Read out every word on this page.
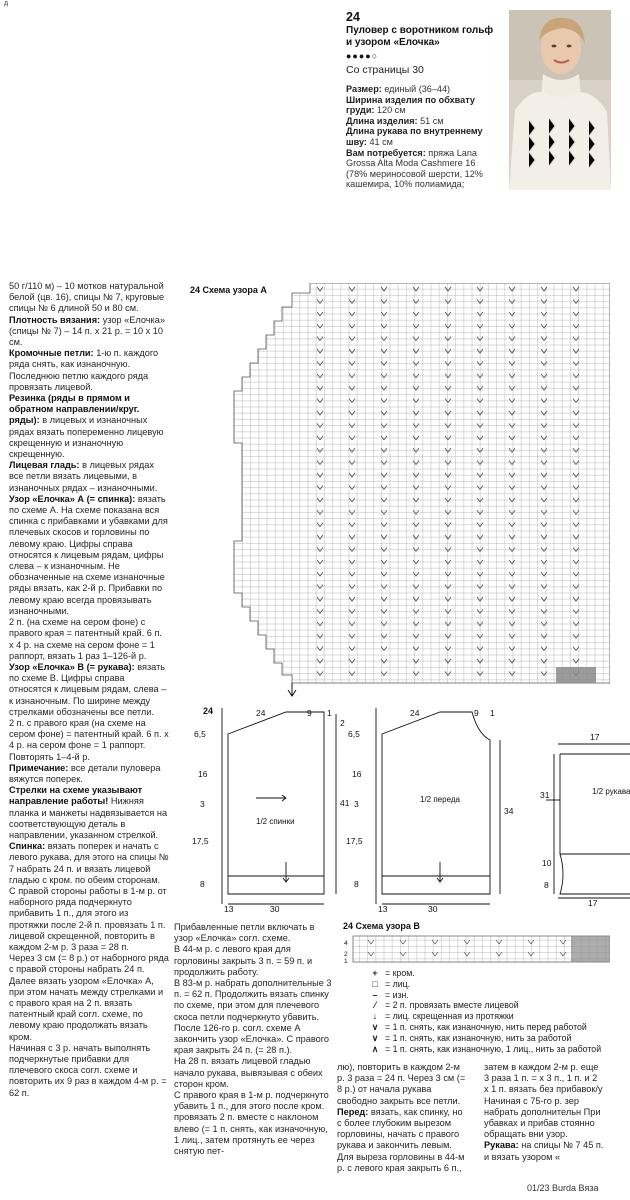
д
24
Пуловер с воротником гольф и узором «Елочка»
●●●●○
Со страницы 30
Размер: единый (36–44)
Ширина изделия по обхвату груди: 120 см
Длина изделия: 51 см
Длина рукава по внутреннему шву: 41 см
Вам потребуется: пряжа Lana Grossa Alta Moda Cashmere 16 (78% мериносовой шерсти, 12% кашемира, 10% полиамида;

50 г/110 м) – 10 мотков натуральной белой (цв. 16), спицы № 7, круговые спицы № 6 длиной 50 и 80 см.

Плотность вязания: узор «Елочка» (спицы № 7) – 14 п. х 21 р. = 10 х 10 см.

Кромочные петли: 1-ю п. каждого ряда снять, как изнаночную. Последнюю петлю каждого ряда провязать лицевой.

Резинка (ряды в прямом и обратном направлении/круг. ряды): в лицевых и изнаночных рядах вязать попеременно лицевую скрещенную и изнаночную скрещенную.

Лицевая гладь: в лицевых рядах все петли вязать лицевыми, в изнаночных рядах – изнаночными.

Узор «Елочка» А (= спинка): вязать по схеме А. На схеме показана вся спинка с прибавками и убавками для плечевых скосов и горловины по левому краю. Цифры справа относятся к лицевым рядам, цифры слева – к изнаночным. Не обозначенные на схеме изнаночные ряды вязать, как 2-й р. Прибавки по левому краю всегда провязывать изнаночными.

2 п. (на схеме на сером фоне) с правого края = патентный край. 6 п. х 4 р. на схеме на сером фоне = 1 раппорт, вязать 1 раз 1–126-й р.

Узор «Елочка» В (= рукава): вязать по схеме В. Цифры справа относятся к лицевым рядам, слева – к изнаночным. По ширине между стрелками обозначены все петли.

2 п. с правого края (на схеме на сером фоне) = патентный край. 6 п. х 4 р. на сером фоне = 1 раппорт. Повторять 1–4-й р.

Примечание: все детали пуловера вяжутся поперек.

Стрелки на схеме указывают направление работы! Нижняя планка и манжеты надвязывается на соответствующую деталь в направлении, указанном стрелкой.

Спинка: вязать поперек и начать с левого рукава, для этого на спицы № 7 набрать 24 п. и вязать лицевой гладью с кром. по обеим сторонам. С правой стороны работы в 1-м р. от наборного ряда подчеркнуто прибавить 1 п., для этого из протяжки после 2-й п. провязать 1 п. лицевой скрещенной, повторить в каждом 2-м р. 3 раза = 28 п.

Через 3 см (= 8 р.) от наборного ряда с правой стороны набрать 24 п. Далее вязать узором «Елочка» А, при этом начать между стрелками и с правого края на 2 п. вязать патентный край согл. схеме, по левому краю продолжать вязать кром.

Начиная с 3 р. начать выполнять подчеркнутые прибавки для плечевого скоса согл. схеме и повторить их 9 раз в каждом 4-м р. = 62 п.

24 Схема узора А
24	24	9 1
6,5
16
3
17,5
8
41
13	30
1/2 спинки
24	9 1
2
6,5
16
3
17,5
8
34
13	30
1/2 переда
17
31
10
8
17
1/2 рукава
24 Схема узора В
4
2
1
+ = кром.
□ = лиц.
– = изн.
⁄	= 2 п. провязать вместе лицевой
↓ = лиц. скрещенная из протяжки
∨ = 1 п. снять, как изнаночную, нить перед работой
∨ = 1 п. снять, как изнаночную, нить за работой
∧ = 1 п. снять, как изнаночную, 1 лиц., нить за работой

Прибавленные петли включать в узор «Елочка» согл. схеме.

В 44-м р. с левого края для горловины закрыть 3 п. = 59 п. и продолжить работу.

В 83-м р. набрать дополнительные 3 п. = 62 п. Продолжить вязать спинку по схеме, при этом для плечевого скоса петли подчеркнуто убавить.

После 126-го р. согл. схеме А закончить узор «Елочка». С правого края закрыть 24 п. (= 28 п.).

На 28 п. вязать лицевой гладью начало рукава, вывязывая с обеих сторон кром.

С правого края в 1-м р. подчеркнуто убавить 1 п., для этого после кром. провязать 2 п. вместе с наклоном влево (= 1 п. снять, как изначочную, 1 лиц., затем протянуть ее через снятую пет-

лю), повторить в каждом 2-м р. 3 раза = 24 п. Через 3 см (= 8 р.) от начала рукава свободно закрыть все петли.

Перед: вязать, как спинку, но с более глубоким вырезом горловины, начать с правого рукава и закончить левым.

Для выреза горловины в 44-м р. с левого края закрыть 6 п.,

затем в каждом 2-м р. еще 3 раза 1 п. = х 3 п., 1 п. и 2 х 1 п. вязать без прибавок/у Начиная с 75-го р. зер набрать дополнительн При убавках и прибав стоянно обращать вни узор.

Рукава: на спицы № 7 45 п. и вязать узором «

01/23 Burda Вяза
